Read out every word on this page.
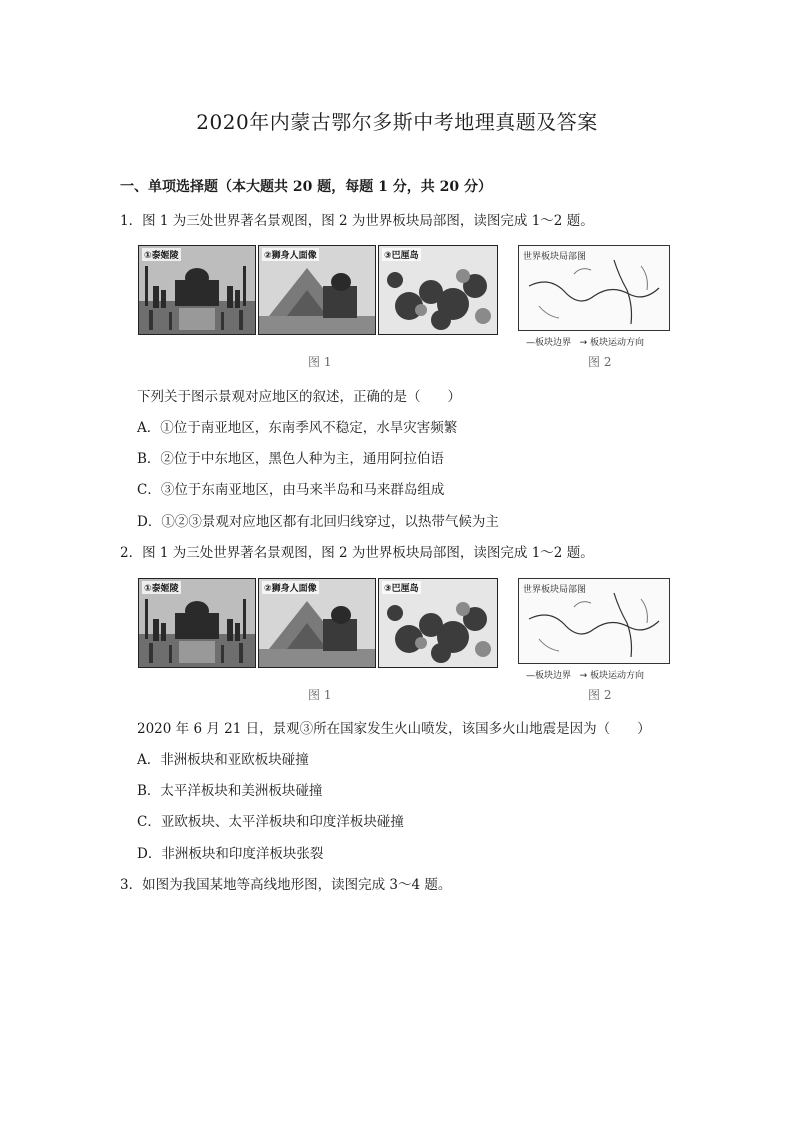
2020年内蒙古鄂尔多斯中考地理真题及答案
一、单项选择题（本大题共 20 题，每题 1 分，共 20 分）
1．图 1 为三处世界著名景观图，图 2 为世界板块局部图，读图完成 1～2 题。
①泰姬陵	②狮身人面像	③巴厘岛	世界板块局部图
—板块边界 → 板块运动方向
图 1	图 2
下列关于图示景观对应地区的叙述，正确的是（　　）
A．①位于南亚地区，东南季风不稳定，水旱灾害频繁
B．②位于中东地区，黑色人种为主，通用阿拉伯语
C．③位于东南亚地区，由马来半岛和马来群岛组成
D．①②③景观对应地区都有北回归线穿过，以热带气候为主
2．图 1 为三处世界著名景观图，图 2 为世界板块局部图，读图完成 1～2 题。
①泰姬陵	②狮身人面像	③巴厘岛	世界板块局部图
—板块边界 → 板块运动方向
图 1	图 2
2020 年 6 月 21 日，景观③所在国家发生火山喷发，该国多火山地震是因为（　　）
A．非洲板块和亚欧板块碰撞
B．太平洋板块和美洲板块碰撞
C．亚欧板块、太平洋板块和印度洋板块碰撞
D．非洲板块和印度洋板块张裂
3．如图为我国某地等高线地形图，读图完成 3～4 题。
